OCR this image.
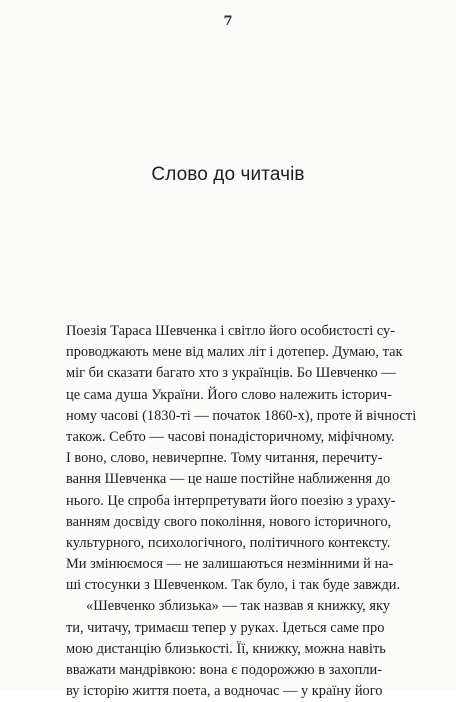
7
Слово до читачів
Поезія Тараса Шевченка і світло його особистості су-
проводжають мене від малих літ і дотепер. Думаю, так
міг би сказати багато хто з українців. Бо Шевченко —
це сама душа України. Його слово належить історич-
ному часові (1830-ті — початок 1860-х), проте й вічності
також. Себто — часові понадісторичному, міфічному.
І воно, слово, невичерпне. Тому читання, перечиту-
вання Шевченка — це наше постійне наближення до
нього. Це спроба інтерпретувати його поезію з ураху-
ванням досвіду свого покоління, нового історичного,
культурного, психологічного, політичного контексту.
Ми змінюємося — не залишаються незмінними й на-
ші стосунки з Шевченком. Так було, і так буде завжди.
«Шевченко зблизька» — так назвав я книжку, яку
ти, читачу, тримаєш тепер у руках. Ідеться саме про
мою дистанцію близькості. Її, книжку, можна навіть
вважати мандрівкою: вона є подорожжю в захопли-
ву історію життя поета, а водночас — у країну його
